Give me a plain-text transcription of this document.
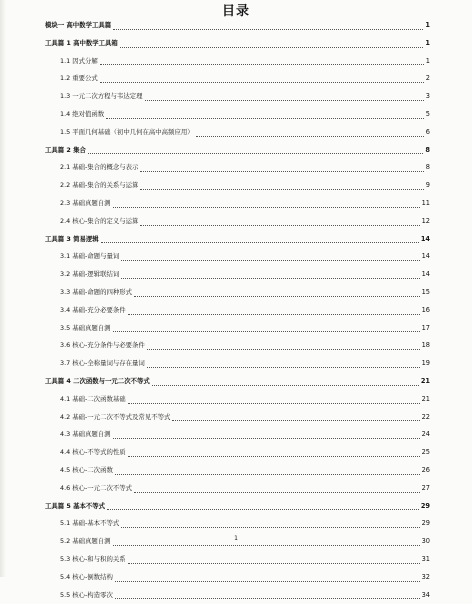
目录
模块一 高中数学工具篇	1
工具篇 1 高中数学工具箱	1
1.1 因式分解	1
1.2 重要公式	2
1.3 一元二次方程与韦达定理	3
1.4 绝对值函数	5
1.5 平面几何基础（初中几何在高中高频应用）	6
工具篇 2 集合	8
2.1 基础-集合的概念与表示	8
2.2 基础-集合的关系与运算	9
2.3 基础真题自测	11
2.4 核心-集合的定义与运算	12
工具篇 3 简易逻辑	14
3.1 基础-命题与量词	14
3.2 基础-逻辑联结词	14
3.3 基础-命题的四种形式	15
3.4 基础-充分必要条件	16
3.5 基础真题自测	17
3.6 核心-充分条件与必要条件	18
3.7 核心-全称量词与存在量词	19
工具篇 4 二次函数与一元二次不等式	21
4.1 基础-二次函数基础	21
4.2 基础-一元二次不等式及常见不等式	22
4.3 基础真题自测	24
4.4 核心-不等式的性质	25
4.5 核心-二次函数	26
4.6 核心-一元二次不等式	27
工具篇 5 基本不等式	29
5.1 基础-基本不等式	29
5.2 基础真题自测	30
5.3 核心-和与积的关系	31
5.4 核心-倒数结构	32
5.5 核心-构造零次	34
1
